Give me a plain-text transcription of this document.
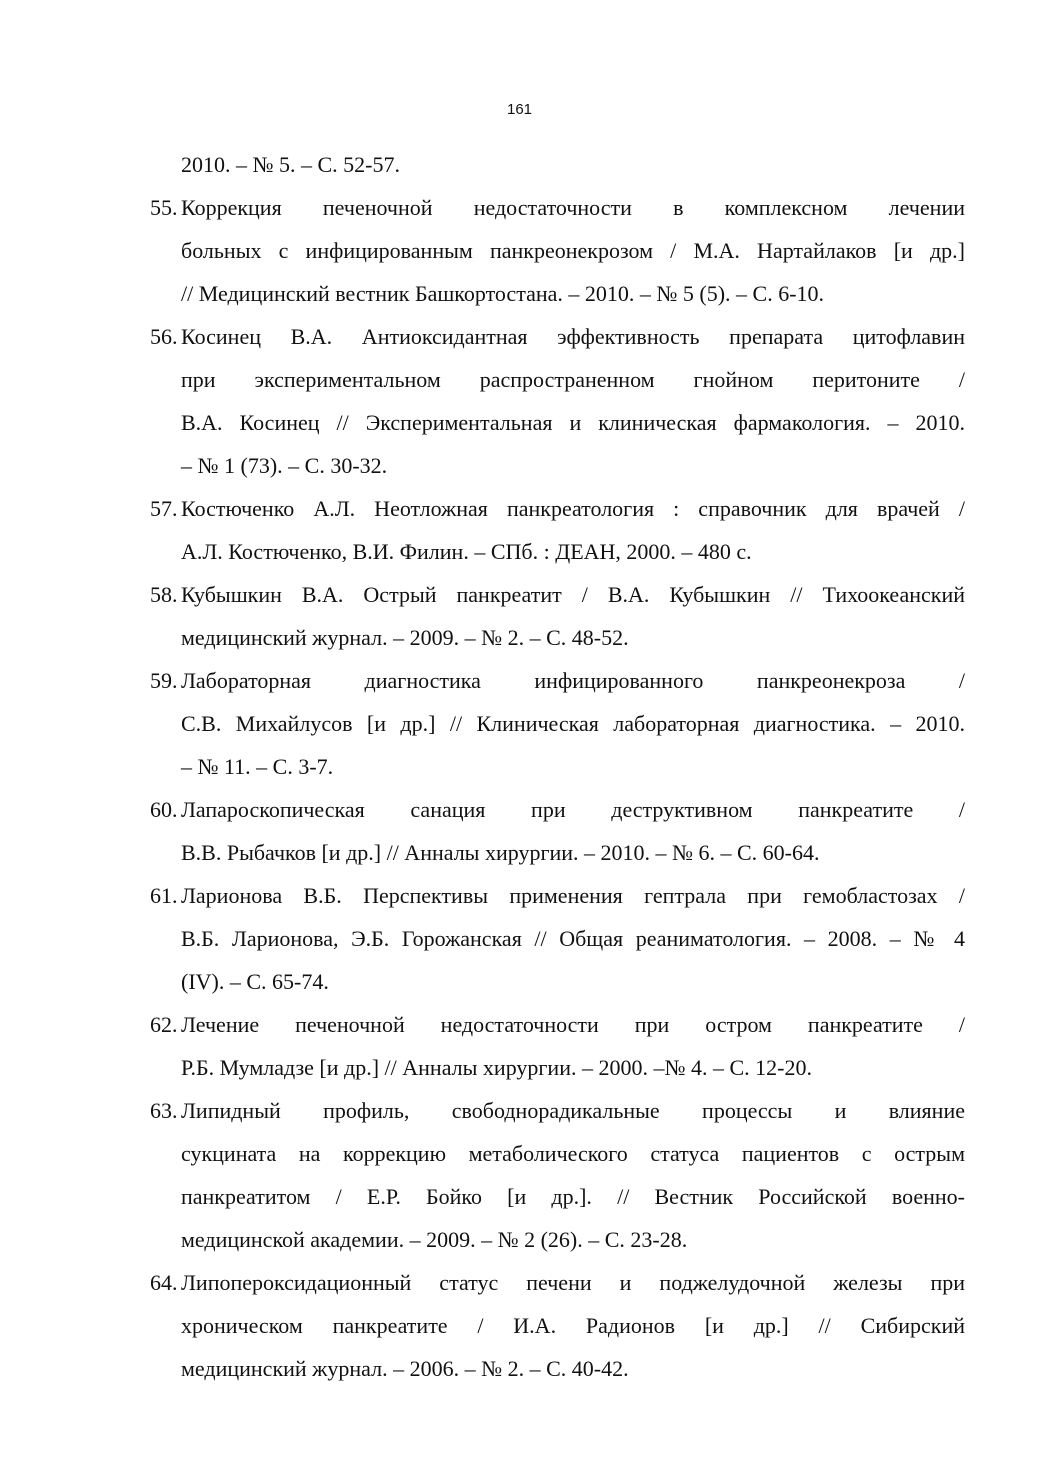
161
2010. – № 5. – С. 52-57.
55. Коррекция печеночной недостаточности в комплексном лечении
больных с инфицированным панкреонекрозом / М.А. Нартайлаков [и др.]
// Медицинский вестник Башкортостана. – 2010. – № 5 (5). – С. 6-10.
56. Косинец В.А. Антиоксидантная эффективность препарата цитофлавин
при экспериментальном распространенном гнойном перитоните /
В.А. Косинец // Экспериментальная и клиническая фармакология. – 2010.
– № 1 (73). – С. 30-32.
57. Костюченко А.Л. Неотложная панкреатология : справочник для врачей /
А.Л. Костюченко, В.И. Филин. – СПб. : ДЕАН, 2000. – 480 с.
58. Кубышкин В.А. Острый панкреатит / В.А. Кубышкин // Тихоокеанский
медицинский журнал. – 2009. – № 2. – С. 48-52.
59. Лабораторная диагностика инфицированного панкреонекроза /
С.В. Михайлусов [и др.] // Клиническая лабораторная диагностика. – 2010.
– № 11. – С. 3-7.
60. Лапароскопическая санация при деструктивном панкреатите /
В.В. Рыбачков [и др.] // Анналы хирургии. – 2010. – № 6. – С. 60-64.
61. Ларионова В.Б. Перспективы применения гептрала при гемобластозах /
В.Б. Ларионова, Э.Б. Горожанская // Общая реаниматология. – 2008. – № 4
(IV). – С. 65-74.
62. Лечение печеночной недостаточности при остром панкреатите /
Р.Б. Мумладзе [и др.] // Анналы хирургии. – 2000. –№ 4. – С. 12-20.
63. Липидный профиль, свободнорадикальные процессы и влияние
сукцината на коррекцию метаболического статуса пациентов с острым
панкреатитом / Е.Р. Бойко [и др.]. // Вестник Российской военно-
медицинской академии. – 2009. – № 2 (26). – С. 23-28.
64. Липопероксидационный статус печени и поджелудочной железы при
хроническом панкреатите / И.А. Радионов [и др.] // Сибирский
медицинский журнал. – 2006. – № 2. – С. 40-42.
